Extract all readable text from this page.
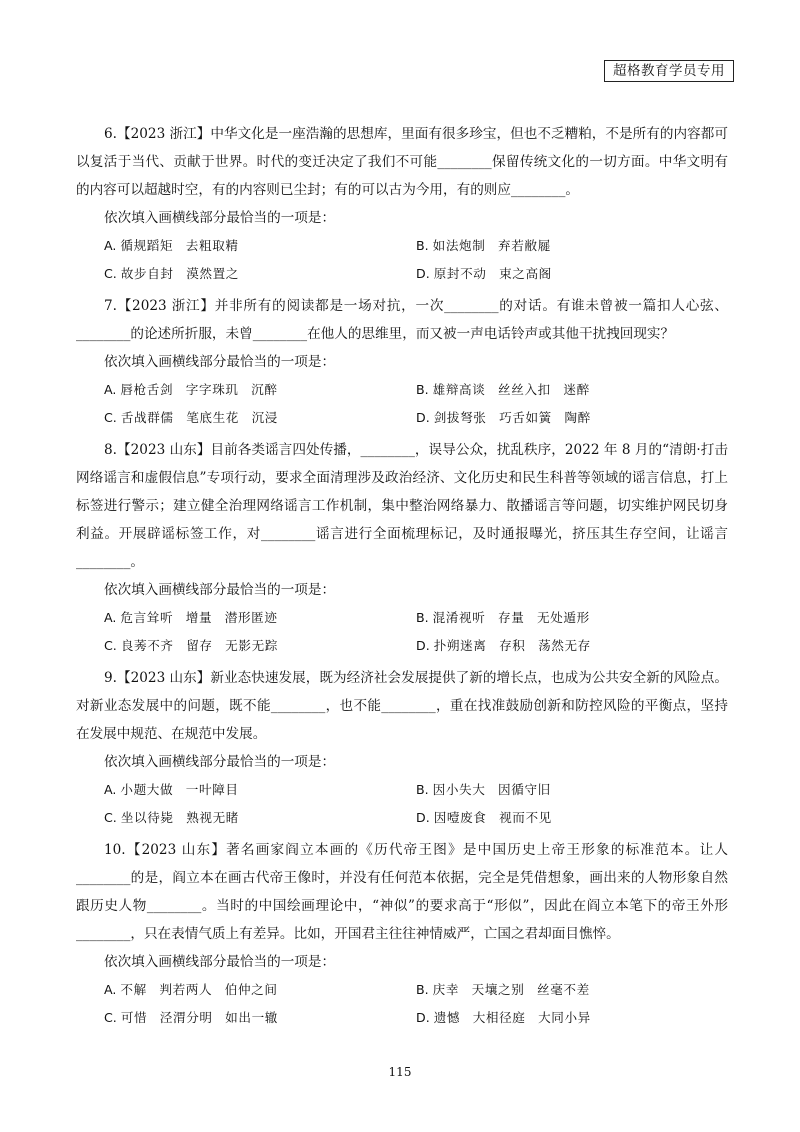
超格教育学员专用

6.【2023 浙江】中华文化是一座浩瀚的思想库，里面有很多珍宝，但也不乏糟粕，不是所有的内容都可以复活于当代、贡献于世界。时代的变迁决定了我们不可能________保留传统文化的一切方面。中华文明有的内容可以超越时空，有的内容则已尘封；有的可以古为今用，有的则应________。

依次填入画横线部分最恰当的一项是：

A. 循规蹈矩 去粗取精	B. 如法炮制 弃若敝屣
C. 故步自封 漠然置之	D. 原封不动 束之高阁

7.【2023 浙江】并非所有的阅读都是一场对抗，一次________的对话。有谁未曾被一篇扣人心弦、________的论述所折服，未曾________在他人的思维里，而又被一声电话铃声或其他干扰拽回现实？

依次填入画横线部分最恰当的一项是：

A. 唇枪舌剑 字字珠玑 沉醉	B. 雄辩高谈 丝丝入扣 迷醉
C. 舌战群儒 笔底生花 沉浸	D. 剑拔弩张 巧舌如簧 陶醉

8.【2023 山东】目前各类谣言四处传播，________，误导公众，扰乱秩序，2022 年 8 月的“清朗·打击网络谣言和虚假信息”专项行动，要求全面清理涉及政治经济、文化历史和民生科普等领域的谣言信息，打上标签进行警示；建立健全治理网络谣言工作机制，集中整治网络暴力、散播谣言等问题，切实维护网民切身利益。开展辟谣标签工作，对________谣言进行全面梳理标记，及时通报曝光，挤压其生存空间，让谣言________。

依次填入画横线部分最恰当的一项是：

A. 危言耸听 增量 潜形匿迹	B. 混淆视听 存量 无处遁形
C. 良莠不齐 留存 无影无踪	D. 扑朔迷离 存积 荡然无存

9.【2023 山东】新业态快速发展，既为经济社会发展提供了新的增长点，也成为公共安全新的风险点。对新业态发展中的问题，既不能________，也不能________，重在找准鼓励创新和防控风险的平衡点，坚持在发展中规范、在规范中发展。

依次填入画横线部分最恰当的一项是：

A. 小题大做 一叶障目	B. 因小失大 因循守旧
C. 坐以待毙 熟视无睹	D. 因噎废食 视而不见

10.【2023 山东】著名画家阎立本画的《历代帝王图》是中国历史上帝王形象的标准范本。让人________的是，阎立本在画古代帝王像时，并没有任何范本依据，完全是凭借想象，画出来的人物形象自然跟历史人物________。当时的中国绘画理论中，“神似”的要求高于“形似”，因此在阎立本笔下的帝王外形________，只在表情气质上有差异。比如，开国君主往往神情威严，亡国之君却面目憔悴。

依次填入画横线部分最恰当的一项是：

A. 不解 判若两人 伯仲之间	B. 庆幸 天壤之别 丝毫不差
C. 可惜 泾渭分明 如出一辙	D. 遗憾 大相径庭 大同小异
115
